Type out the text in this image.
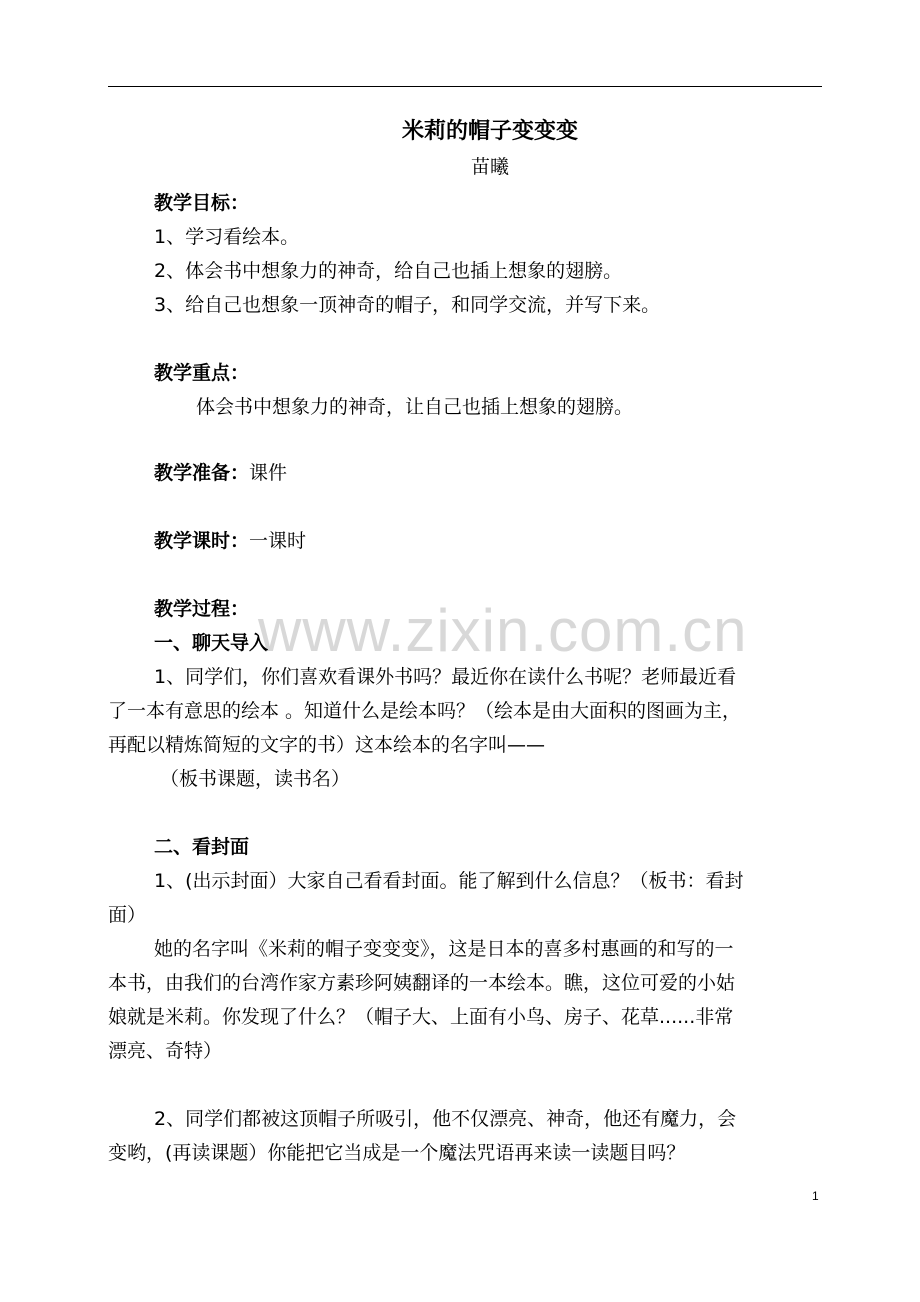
www.zixin.com.cn
米莉的帽子变变变
苗曦
教学目标：
1、学习看绘本。
2、体会书中想象力的神奇，给自己也插上想象的翅膀。
3、给自己也想象一顶神奇的帽子，和同学交流，并写下来。
教学重点：
体会书中想象力的神奇，让自己也插上想象的翅膀。
教学准备：课件
教学课时：一课时
教学过程：
一、聊天导入
1、同学们，你们喜欢看课外书吗？最近你在读什么书呢？老师最近看
了一本有意思的绘本 。知道什么是绘本吗？（绘本是由大面积的图画为主，
再配以精炼简短的文字的书）这本绘本的名字叫——
（板书课题，读书名）
二、看封面
1、(出示封面）大家自己看看封面。能了解到什么信息？（板书：看封
面）
她的名字叫《米莉的帽子变变变》，这是日本的喜多村惠画的和写的一
本书，由我们的台湾作家方素珍阿姨翻译的一本绘本。瞧，这位可爱的小姑
娘就是米莉。你发现了什么？（帽子大、上面有小鸟、房子、花草......非常
漂亮、奇特）
2、同学们都被这顶帽子所吸引，他不仅漂亮、神奇，他还有魔力，会
变哟，(再读课题）你能把它当成是一个魔法咒语再来读一读题目吗？
1
